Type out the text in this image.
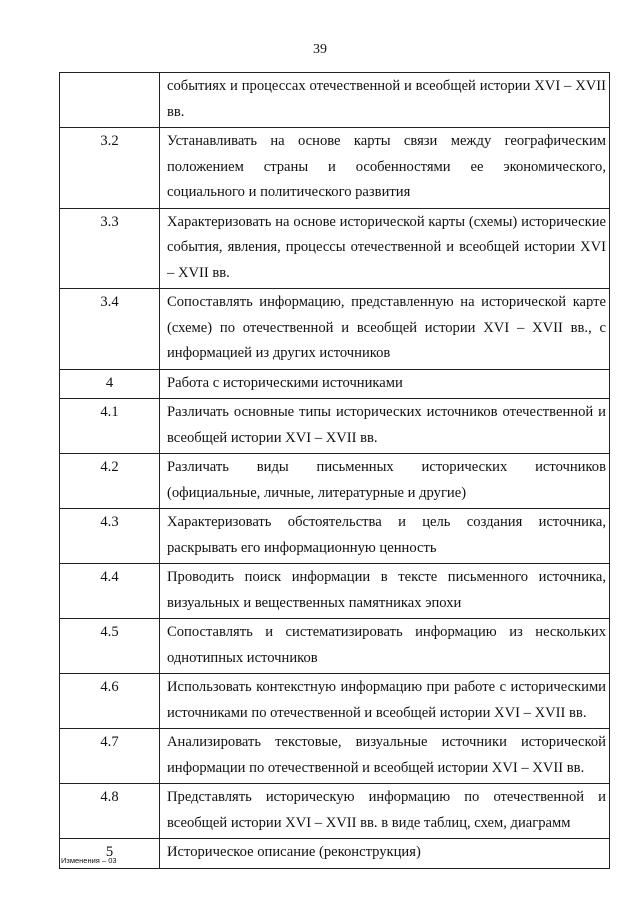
39
	событиях и процессах отечественной и всеобщей истории XVI – XVII вв.
3.2	Устанавливать на основе карты связи между географическим положением страны и особенностями ее экономического, социального и политического развития
3.3	Характеризовать на основе исторической карты (схемы) исторические события, явления, процессы отечественной и всеобщей истории XVI – XVII вв.
3.4	Сопоставлять информацию, представленную на исторической карте (схеме) по отечественной и всеобщей истории XVI – XVII вв., с информацией из других источников
4	Работа с историческими источниками
4.1	Различать основные типы исторических источников отечественной и всеобщей истории XVI – XVII вв.
4.2	Различать виды письменных исторических источников (официальные, личные, литературные и другие)
4.3	Характеризовать обстоятельства и цель создания источника, раскрывать его информационную ценность
4.4	Проводить поиск информации в тексте письменного источника, визуальных и вещественных памятниках эпохи
4.5	Сопоставлять и систематизировать информацию из нескольких однотипных источников
4.6	Использовать контекстную информацию при работе с историческими источниками по отечественной и всеобщей истории XVI – XVII вв.
4.7	Анализировать текстовые, визуальные источники исторической информации по отечественной и всеобщей истории XVI – XVII вв.
4.8	Представлять историческую информацию по отечественной и всеобщей истории XVI – XVII вв. в виде таблиц, схем, диаграмм
5	Историческое описание (реконструкция)
Изменения – 03
